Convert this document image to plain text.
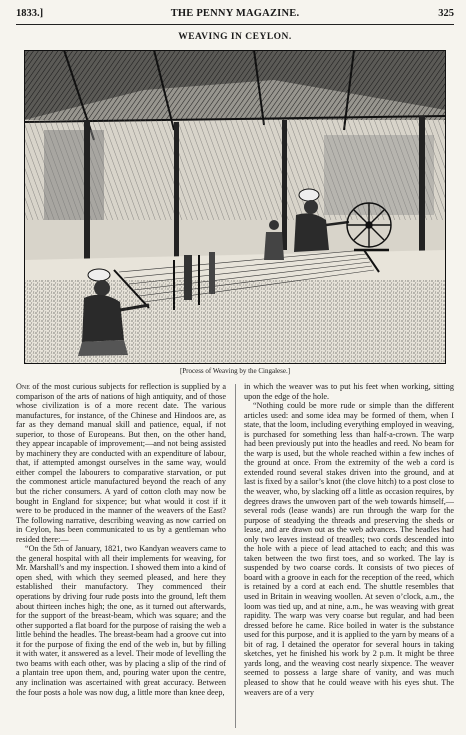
1833.]	THE PENNY MAGAZINE.	325
WEAVING IN CEYLON.
[Process of Weaving by the Cingalese.]

One of the most curious subjects for reflection is supplied by a comparison of the arts of nations of high antiquity, and of those whose civilization is of a more recent date. The various manufactures, for instance, of the Chinese and Hindoos are, as far as they demand manual skill and patience, equal, if not superior, to those of Europeans. But then, on the other hand, they appear incapable of improvement;—and not being assisted by machinery they are conducted with an expenditure of labour, that, if attempted amongst ourselves in the same way, would either compel the labourers to comparative starvation, or put the commonest article manufactured beyond the reach of any but the richer consumers. A yard of cotton cloth may now be bought in England for sixpence; but what would it cost if it were to be produced in the manner of the weavers of the East? The following narrative, describing weaving as now carried on in Ceylon, has been communicated to us by a gentleman who resided there:—

“On the 5th of January, 1821, two Kandyan weavers came to the general hospital with all their implements for weaving, for Mr. Marshall’s and my inspection. I showed them into a kind of open shed, with which they seemed pleased, and here they established their manufactory. They commenced their operations by driving four rude posts into the ground, left them about thirteen inches high; the one, as it turned out afterwards, for the support of the breast-beam, which was square; and the other supported a flat board for the purpose of raising the web a little behind the headles. The breast-beam had a groove cut into it for the purpose of fixing the end of the web in, but by filling it with water, it answered as a level. Their mode of levelling the two beams with each other, was by placing a slip of the rind of a plantain tree upon them, and, pouring water upon the centre, any inclination was ascertained with great accuracy. Between the four posts a hole was now dug, a little more than knee deep,

in which the weaver was to put his feet when working, sitting upon the edge of the hole.

“Nothing could be more rude or simple than the different articles used: and some idea may be formed of them, when I state, that the loom, including everything employed in weaving, is purchased for something less than half-a-crown. The warp had been previously put into the headles and reed. No beam for the warp is used, but the whole reached within a few inches of the ground at once. From the extremity of the web a cord is extended round several stakes driven into the ground, and at last is fixed by a sailor’s knot (the clove hitch) to a post close to the weaver, who, by slacking off a little as occasion requires, by degrees draws the unwoven part of the web towards himself,—several rods (lease wands) are run through the warp for the purpose of steadying the threads and preserving the sheds or lease, and are drawn out as the web advances. The headles had only two leaves instead of treadles; two cords descended into the hole with a piece of lead attached to each; and this was taken between the two first toes, and so worked. The lay is suspended by two coarse cords. It consists of two pieces of board with a groove in each for the reception of the reed, which is retained by a cord at each end. The shuttle resembles that used in Britain in weaving woollen. At seven o’clock, a.m., the loom was tied up, and at nine, a.m., he was weaving with great rapidity. The warp was very coarse but regular, and had been dressed before he came. Rice boiled in water is the substance used for this purpose, and it is applied to the yarn by means of a bit of rag. I detained the operator for several hours in taking sketches, yet he finished his work by 2 p.m. It might be three yards long, and the weaving cost nearly sixpence. The weaver seemed to possess a large share of vanity, and was much pleased to show that he could weave with his eyes shut. The weavers are of a very
